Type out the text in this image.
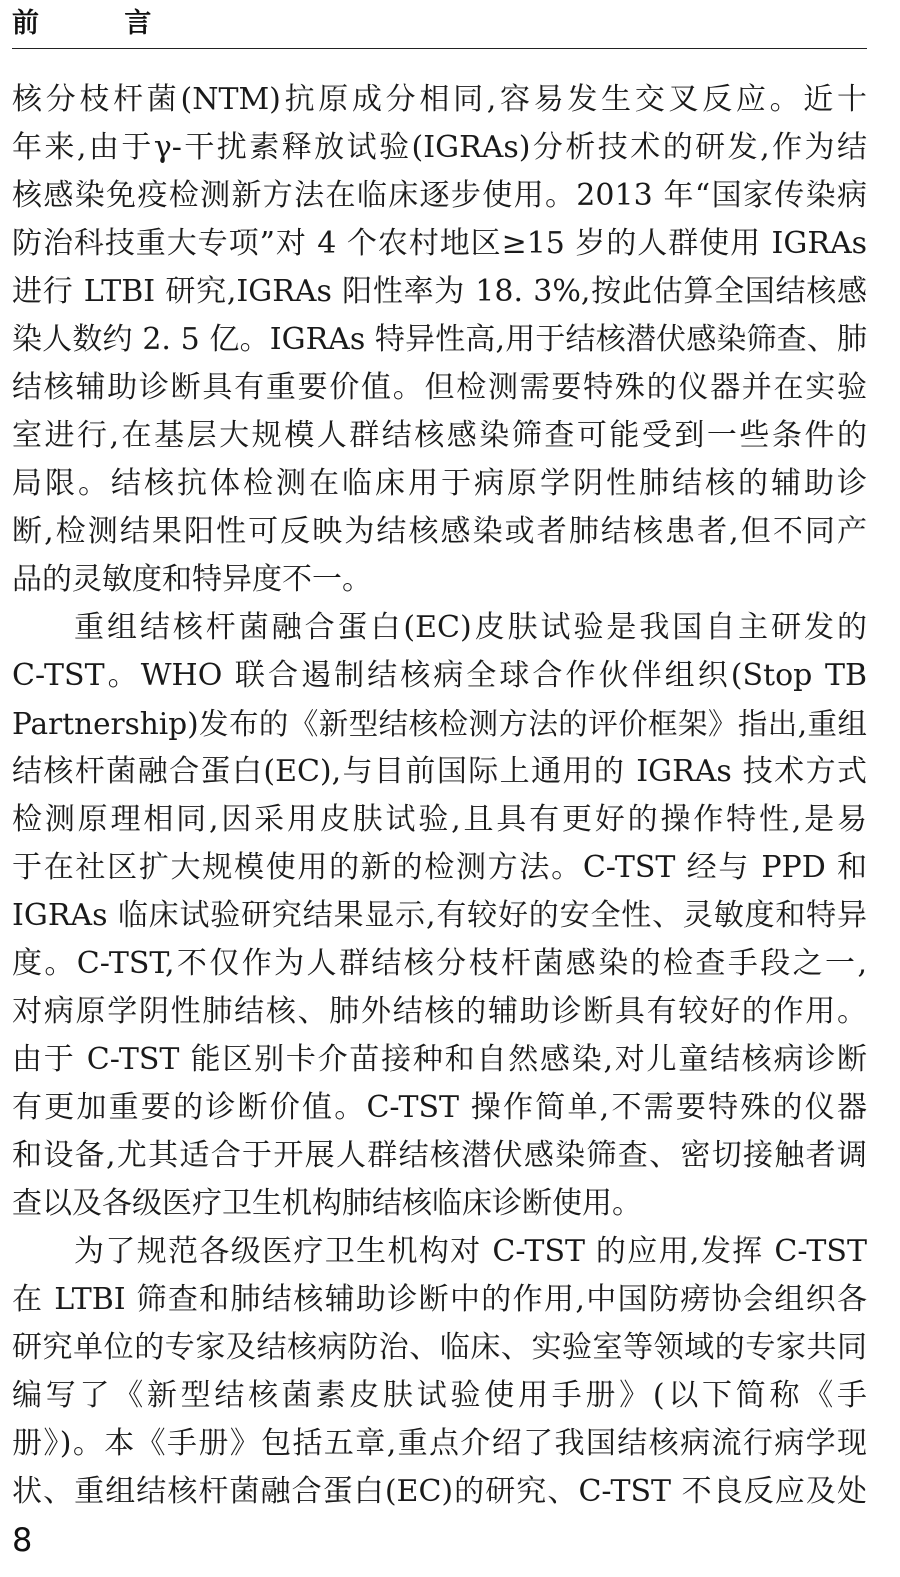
前 言
核分枝杆菌(NTM)抗原成分相同,容易发生交叉反应。近十
年来,由于γ-干扰素释放试验(IGRAs)分析技术的研发,作为结
核感染免疫检测新方法在临床逐步使用。2013 年“国家传染病
防治科技重大专项”对 4 个农村地区≥15 岁的人群使用 IGRAs
进行 LTBI 研究,IGRAs 阳性率为 18. 3%,按此估算全国结核感
染人数约 2. 5 亿。IGRAs 特异性高,用于结核潜伏感染筛查、肺
结核辅助诊断具有重要价值。但检测需要特殊的仪器并在实验
室进行,在基层大规模人群结核感染筛查可能受到一些条件的
局限。结核抗体检测在临床用于病原学阴性肺结核的辅助诊
断,检测结果阳性可反映为结核感染或者肺结核患者,但不同产
品的灵敏度和特异度不一。
重组结核杆菌融合蛋白(EC)皮肤试验是我国自主研发的
C-TST。WHO 联合遏制结核病全球合作伙伴组织(Stop TB
Partnership)发布的《新型结核检测方法的评价框架》指出,重组
结核杆菌融合蛋白(EC),与目前国际上通用的 IGRAs 技术方式
检测原理相同,因采用皮肤试验,且具有更好的操作特性,是易
于在社区扩大规模使用的新的检测方法。C-TST 经与 PPD 和
IGRAs 临床试验研究结果显示,有较好的安全性、灵敏度和特异
度。C-TST,不仅作为人群结核分枝杆菌感染的检查手段之一,
对病原学阴性肺结核、肺外结核的辅助诊断具有较好的作用。
由于 C-TST 能区别卡介苗接种和自然感染,对儿童结核病诊断
有更加重要的诊断价值。C-TST 操作简单,不需要特殊的仪器
和设备,尤其适合于开展人群结核潜伏感染筛查、密切接触者调
查以及各级医疗卫生机构肺结核临床诊断使用。
为了规范各级医疗卫生机构对 C-TST 的应用,发挥 C-TST
在 LTBI 筛查和肺结核辅助诊断中的作用,中国防痨协会组织各
研究单位的专家及结核病防治、临床、实验室等领域的专家共同
编写了《新型结核菌素皮肤试验使用手册》(以下简称《手
册》)。本《手册》包括五章,重点介绍了我国结核病流行病学现
状、重组结核杆菌融合蛋白(EC)的研究、C-TST 不良反应及处
8
